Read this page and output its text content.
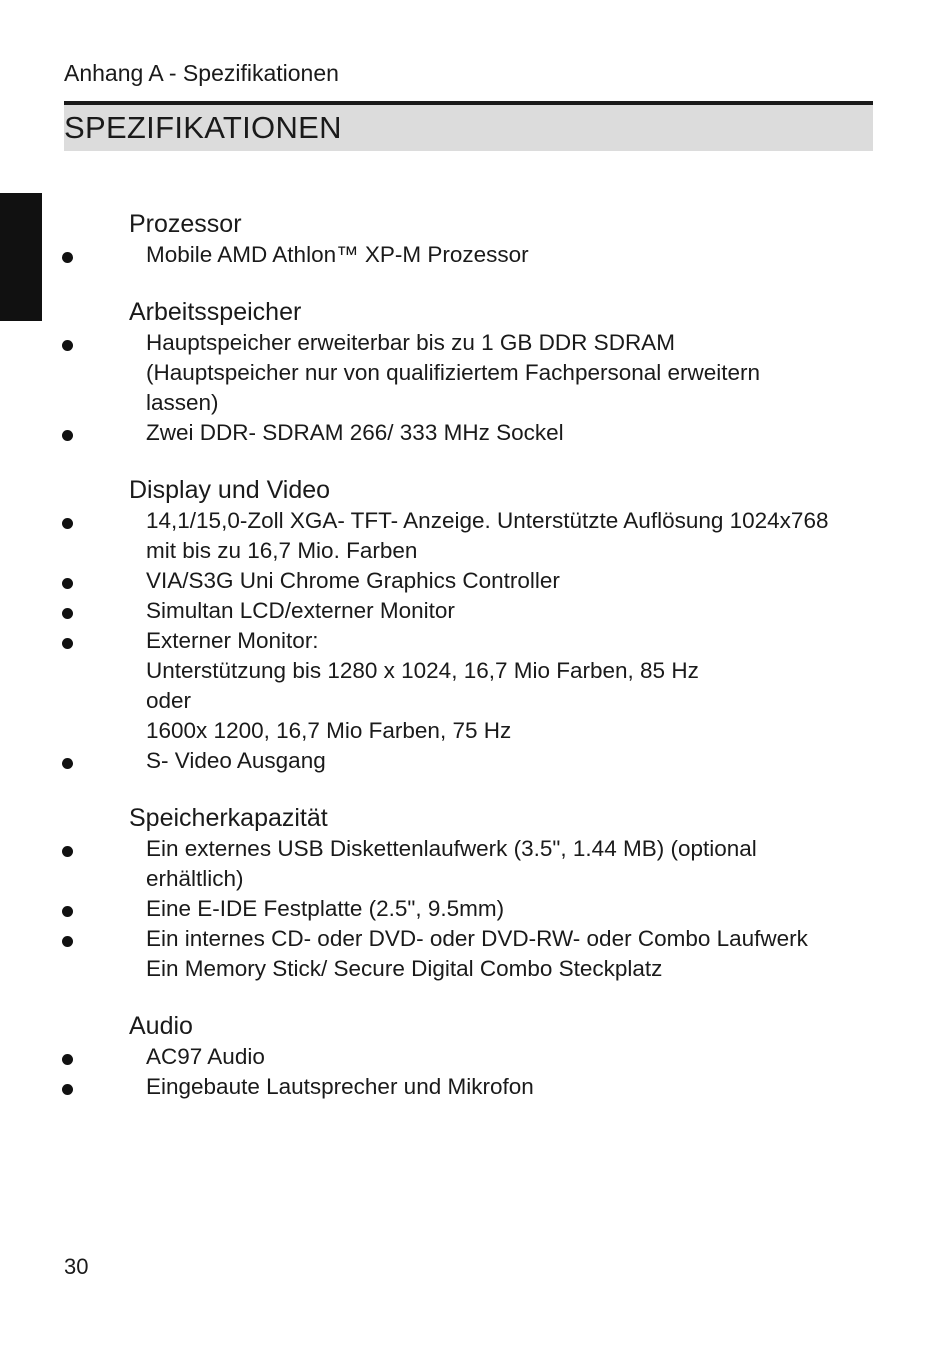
Anhang A - Spezifikationen
SPEZIFIKATIONEN
Prozessor
Mobile AMD Athlon™ XP-M Prozessor
Arbeitsspeicher
Hauptspeicher erweiterbar bis zu 1 GB DDR SDRAM
(Hauptspeicher nur von qualifiziertem Fachpersonal erweitern
lassen)
Zwei DDR- SDRAM 266/ 333 MHz Sockel
Display und Video
14,1/15,0-Zoll XGA- TFT- Anzeige. Unterstützte Auflösung 1024x768
mit bis zu 16,7 Mio. Farben
VIA/S3G Uni Chrome Graphics Controller
Simultan LCD/externer Monitor
Externer Monitor:
Unterstützung bis 1280 x 1024, 16,7 Mio Farben, 85 Hz
oder
1600x 1200, 16,7 Mio Farben, 75 Hz
S- Video Ausgang
Speicherkapazität
Ein externes USB Diskettenlaufwerk (3.5", 1.44 MB) (optional
erhältlich)
Eine E-IDE Festplatte (2.5", 9.5mm)
Ein internes CD- oder DVD- oder DVD-RW- oder Combo Laufwerk
Ein Memory Stick/ Secure Digital Combo Steckplatz
Audio
AC97 Audio
Eingebaute Lautsprecher und Mikrofon
30
